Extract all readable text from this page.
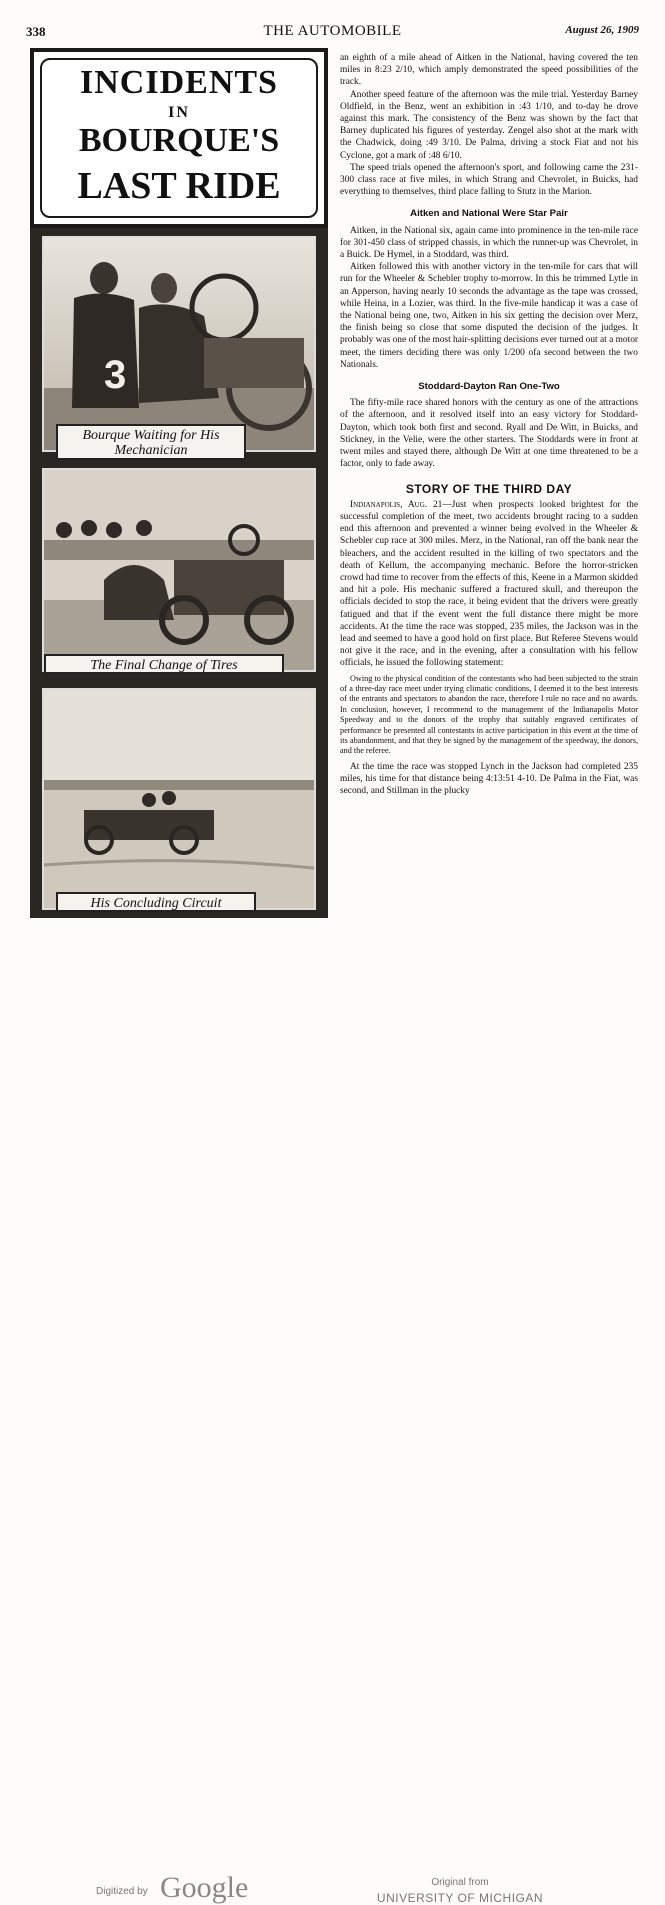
338	THE AUTOMOBILE	August 26, 1909
INCIDENTS
IN
BOURQUE'S
LAST RIDE
3
Bourque Waiting for His Mechanician
The Final Change of Tires
His Concluding Circuit

an eighth of a mile ahead of Aitken in the National, having covered the ten miles in 8:23 2/10, which amply demonstrated the speed possibilities of the track.

Another speed feature of the afternoon was the mile trial. Yesterday Barney Oldfield, in the Benz, went an exhibition in :43 1/10, and to-day he drove against this mark. The consistency of the Benz was shown by the fact that Barney duplicated his figures of yesterday. Zengel also shot at the mark with the Chadwick, doing :49 3/10. De Palma, driving a stock Fiat and not his Cyclone, got a mark of :48 6/10.

The speed trials opened the afternoon's sport, and following came the 231-300 class race at five miles, in which Strang and Chevrolet, in Buicks, had everything to themselves, third place falling to Stutz in the Marion.

Aitken and National Were Star Pair

Aitken, in the National six, again came into prominence in the ten-mile race for 301-450 class of stripped chassis, in which the runner-up was Chevrolet, in a Buick. De Hymel, in a Stoddard, was third.

Aitken followed this with another victory in the ten-mile for cars that will run for the Wheeler & Schebler trophy to-morrow. In this he trimmed Lytle in an Apperson, having nearly 10 seconds the advantage as the tape was crossed, while Heina, in a Lozier, was third. In the five-mile handicap it was a case of the National being one, two, Aitken in his six getting the decision over Merz, the finish being so close that some disputed the decision of the judges. It probably was one of the most hair-splitting decisions ever turned out at a motor meet, the timers deciding there was only 1/200 ofa second between the two Nationals.

Stoddard-Dayton Ran One-Two

The fifty-mile race shared honors with the century as one of the attractions of the afternoon, and it resolved itself into an easy victory for Stoddard-Dayton, which took both first and second. Ryall and De Witt, in Buicks, and Stickney, in the Velie, were the other starters. The Stoddards were in front at twent miles and stayed there, although De Witt at one time threatened to be a factor, only to fade away.

STORY OF THE THIRD DAY

Indianapolis, Aug. 21—Just when prospects looked brightest for the successful completion of the meet, two accidents brought racing to a sudden end this afternoon and prevented a winner being evolved in the Wheeler & Schebler cup race at 300 miles. Merz, in the National, ran off the bank near the bleachers, and the accident resulted in the killing of two spectators and the death of Kellum, the accompanying mechanic. Before the horror-stricken crowd had time to recover from the effects of this, Keene in a Marmon skidded and hit a pole. His mechanic suffered a fractured skull, and thereupon the officials decided to stop the race, it being evident that the drivers were greatly fatigued and that if the event went the full distance there might be more accidents. At the time the race was stopped, 235 miles, the Jackson was in the lead and seemed to have a good hold on first place. But Referee Stevens would not give it the race, and in the evening, after a consultation with his fellow officials, he issued the following statement:

Owing to the physical condition of the contestants who had been subjected to the strain of a three-day race meet under trying climatic conditions, I deemed it to the best interests of the entrants and spectators to abandon the race, therefore I rule no race and no awards. In conclusion, however, I recommend to the management of the Indianapolis Motor Speedway and to the donors of the trophy that suitably engraved certificates of performance be presented all contestants in active participation in this event at the time of its abandonment, and that they be signed by the management of the speedway, the donors, and the referee.

At the time the race was stopped Lynch in the Jackson had completed 235 miles, his time for that distance being 4:13:51 4-10. De Palma in the Fiat, was second, and Stillman in the plucky

Digitized by Google	Original from
UNIVERSITY OF MICHIGAN
